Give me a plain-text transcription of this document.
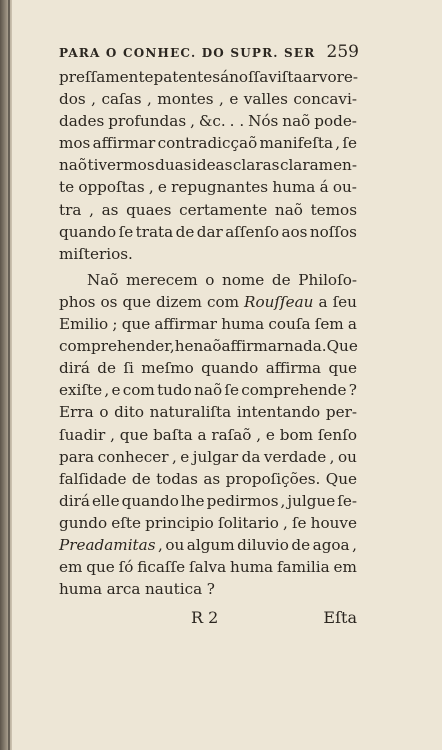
PARA O CONHEC. DO SUPR. SER 259
preſſamente patentes á noſſa viſta arvore-
dos , caſas , montes , e valles concavi-
dades profundas , &c. . . Nós naõ pode-
mos affirmar contradicçaõ manifeſta , ſe
naõ tivermos duas ideas claras claramen-
te oppoſtas , e repugnantes huma á ou-
tra , as quaes certamente naõ temos
quando ſe trata de dar aſſenſo aos noſſos
miſterios.
Naõ merecem o nome de Philoſo-
phos os que dizem com Rouſſeau a ſeu
Emilio ; que affirmar huma couſa ſem a
comprehender, he naõ affirmar nada. Que
dirá de ſi meſmo quando affirma que
exiſte , e com tudo naõ ſe comprehende ?
Erra o dito naturaliſta intentando per-
ſuadir , que baſta a raſaõ , e bom ſenſo
para conhecer , e julgar da verdade , ou
falſidade de todas as propoſições. Que
dirá elle quando lhe pedirmos , julgue ſe-
gundo eſte principio ſolitario , ſe houve
Preadamitas , ou algum diluvio de agoa ,
em que ſó ficaſſe ſalva huma familia em
huma arca nautica ?
R 2	Eſta
